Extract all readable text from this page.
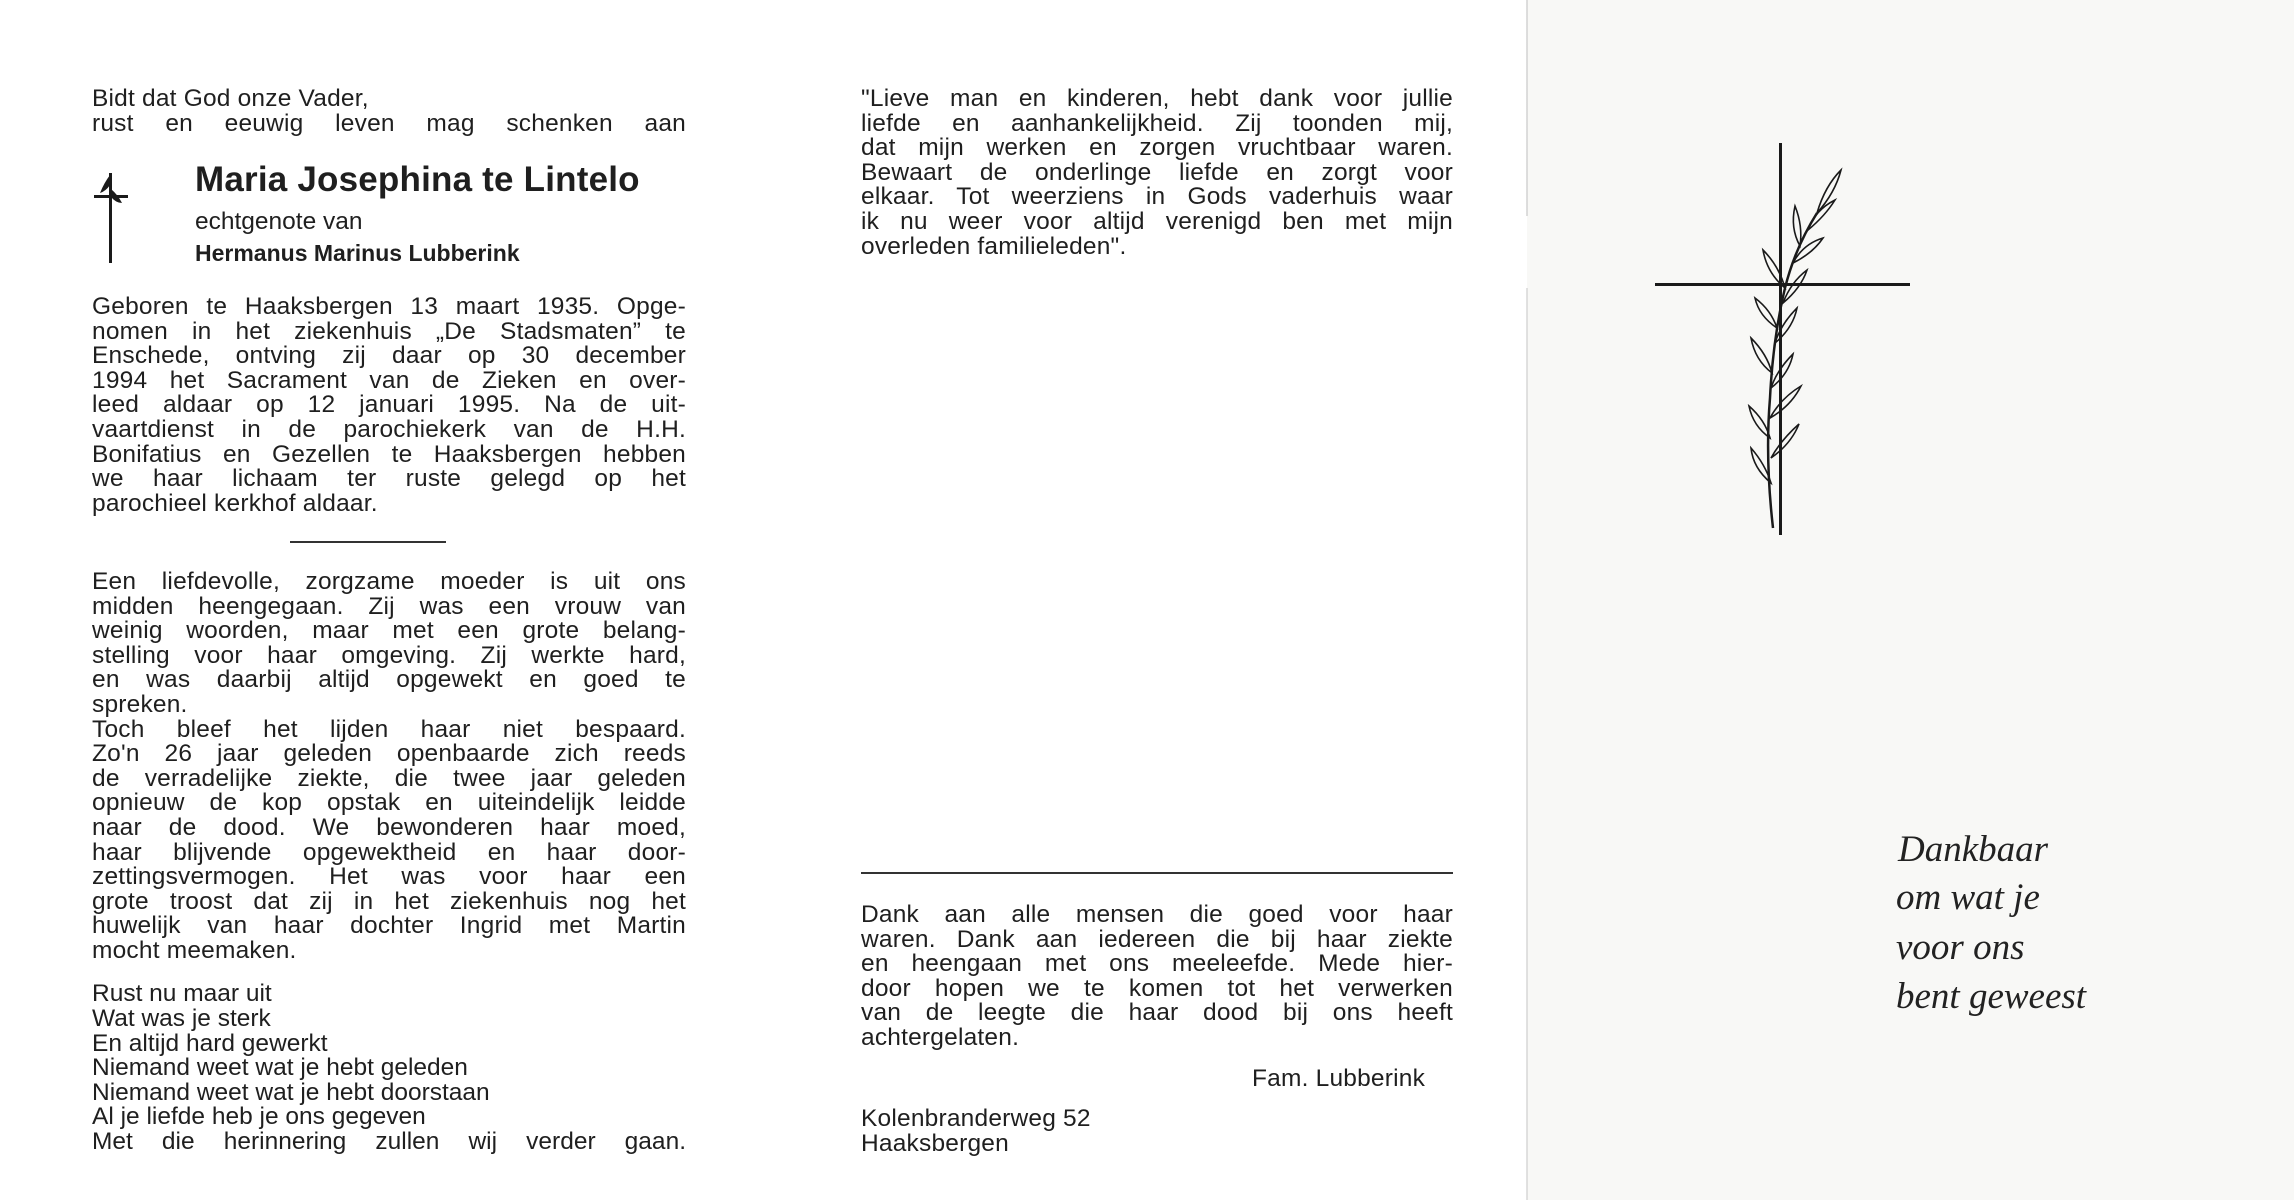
Bidt dat God onze Vader,
rust en eeuwig leven mag schenken aan
Maria Josephina te Lintelo
echtgenote van
Hermanus Marinus Lubberink
Geboren te Haaksbergen 13 maart 1935. Opge-
nomen in het ziekenhuis „De Stadsmaten” te
Enschede, ontving zij daar op 30 december
1994 het Sacrament van de Zieken en over-
leed aldaar op 12 januari 1995. Na de uit-
vaartdienst in de parochiekerk van de H.H.
Bonifatius en Gezellen te Haaksbergen hebben
we haar lichaam ter ruste gelegd op het
parochieel kerkhof aldaar.
Een liefdevolle, zorgzame moeder is uit ons
midden heengegaan. Zij was een vrouw van
weinig woorden, maar met een grote belang-
stelling voor haar omgeving. Zij werkte hard,
en was daarbij altijd opgewekt en goed te
spreken.
Toch bleef het lijden haar niet bespaard.
Zo'n 26 jaar geleden openbaarde zich reeds
de verradelijke ziekte, die twee jaar geleden
opnieuw de kop opstak en uiteindelijk leidde
naar de dood. We bewonderen haar moed,
haar blijvende opgewektheid en haar door-
zettingsvermogen. Het was voor haar een
grote troost dat zij in het ziekenhuis nog het
huwelijk van haar dochter Ingrid met Martin
mocht meemaken.
Rust nu maar uit
Wat was je sterk
En altijd hard gewerkt
Niemand weet wat je hebt geleden
Niemand weet wat je hebt doorstaan
Al je liefde heb je ons gegeven
Met die herinnering zullen wij verder gaan.
"Lieve man en kinderen, hebt dank voor jullie
liefde en aanhankelijkheid. Zij toonden mij,
dat mijn werken en zorgen vruchtbaar waren.
Bewaart de onderlinge liefde en zorgt voor
elkaar. Tot weerziens in Gods vaderhuis waar
ik nu weer voor altijd verenigd ben met mijn
overleden familieleden".
Dank aan alle mensen die goed voor haar
waren. Dank aan iedereen die bij haar ziekte
en heengaan met ons meeleefde. Mede hier-
door hopen we te komen tot het verwerken
van de leegte die haar dood bij ons heeft
achtergelaten.
Fam. Lubberink
Kolenbranderweg 52
Haaksbergen
Dankbaar
om wat je
voor ons
bent geweest
